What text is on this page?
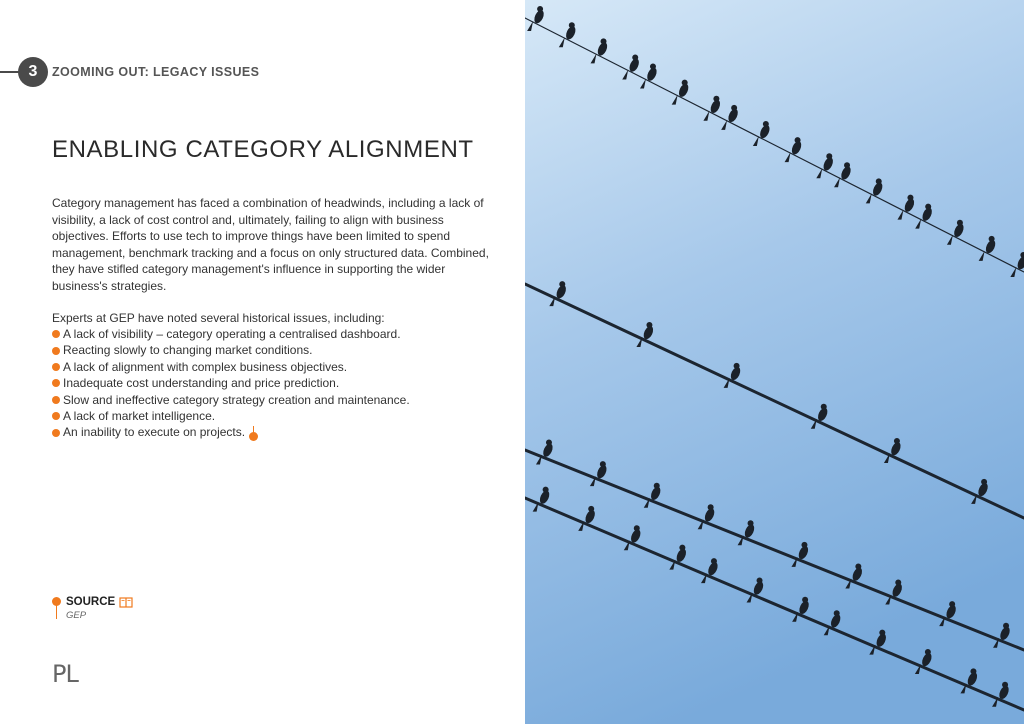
3	ZOOMING OUT: LEGACY ISSUES
ENABLING CATEGORY ALIGNMENT

Category management has faced a combination of headwinds, including a lack of visibility, a lack of cost control and, ultimately, failing to align with business objectives. Efforts to use tech to improve things have been limited to spend management, benchmark tracking and a focus on only structured data. Combined, they have stifled category management's influence in supporting the wider business's strategies.

Experts at GEP have noted several historical issues, including:

A lack of visibility – category operating a centralised dashboard.
Reacting slowly to changing market conditions.
A lack of alignment with complex business objectives.
Inadequate cost understanding and price prediction.
Slow and ineffective category strategy creation and maintenance.
A lack of market intelligence.
An inability to execute on projects.
SOURCE
GEP
PL
